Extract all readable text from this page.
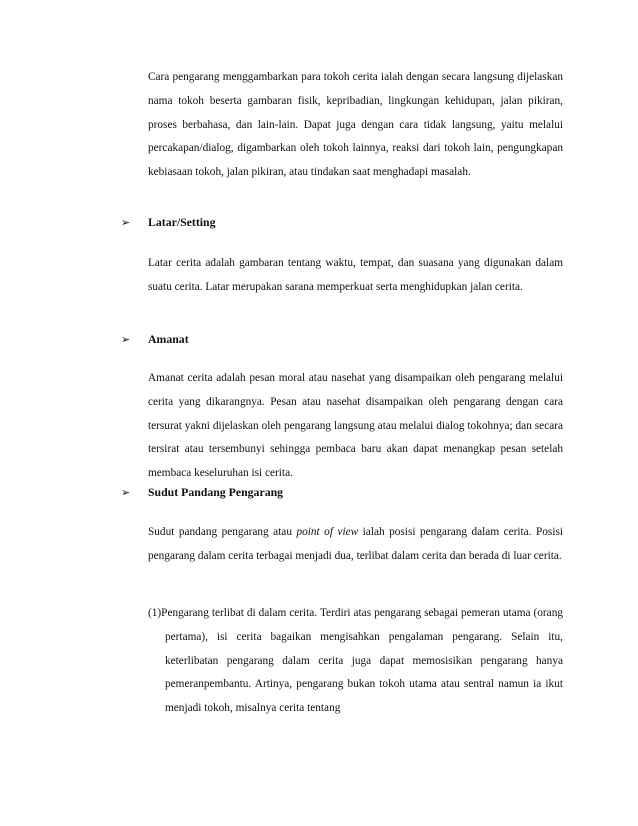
Cara pengarang menggambarkan para tokoh cerita ialah dengan secara langsung dijelaskan nama tokoh beserta gambaran fisik, kepribadian, lingkungan kehidupan, jalan pikiran, proses berbahasa, dan lain-lain. Dapat juga dengan cara tidak langsung, yaitu melalui percakapan/dialog, digambarkan oleh tokoh lainnya, reaksi dari tokoh lain, pengungkapan kebiasaan tokoh, jalan pikiran, atau tindakan saat menghadapi masalah.

➢	Latar/Setting

Latar cerita adalah gambaran tentang waktu, tempat, dan suasana yang digunakan dalam suatu cerita. Latar merupakan sarana memperkuat serta menghidupkan jalan cerita.

➢	Amanat

Amanat cerita adalah pesan moral atau nasehat yang disampaikan oleh pengarang melalui cerita yang dikarangnya. Pesan atau nasehat disampaikan oleh pengarang dengan cara tersurat yakni dijelaskan oleh pengarang langsung atau melalui dialog tokohnya; dan secara tersirat atau tersembunyi sehingga pembaca baru akan dapat menangkap pesan setelah membaca keseluruhan isi cerita.

➢	Sudut Pandang Pengarang

Sudut pandang pengarang atau point of view ialah posisi pengarang dalam cerita. Posisi pengarang dalam cerita terbagai menjadi dua, terlibat dalam cerita dan berada di luar cerita.

(1)Pengarang terlibat di dalam cerita. Terdiri atas pengarang sebagai pemeran utama (orang pertama), isi cerita bagaikan mengisahkan pengalaman pengarang. Selain itu, keterlibatan pengarang dalam cerita juga dapat memosisikan pengarang hanya pemeranpembantu. Artinya, pengarang bukan tokoh utama atau sentral namun ia ikut menjadi tokoh, misalnya cerita tentang
